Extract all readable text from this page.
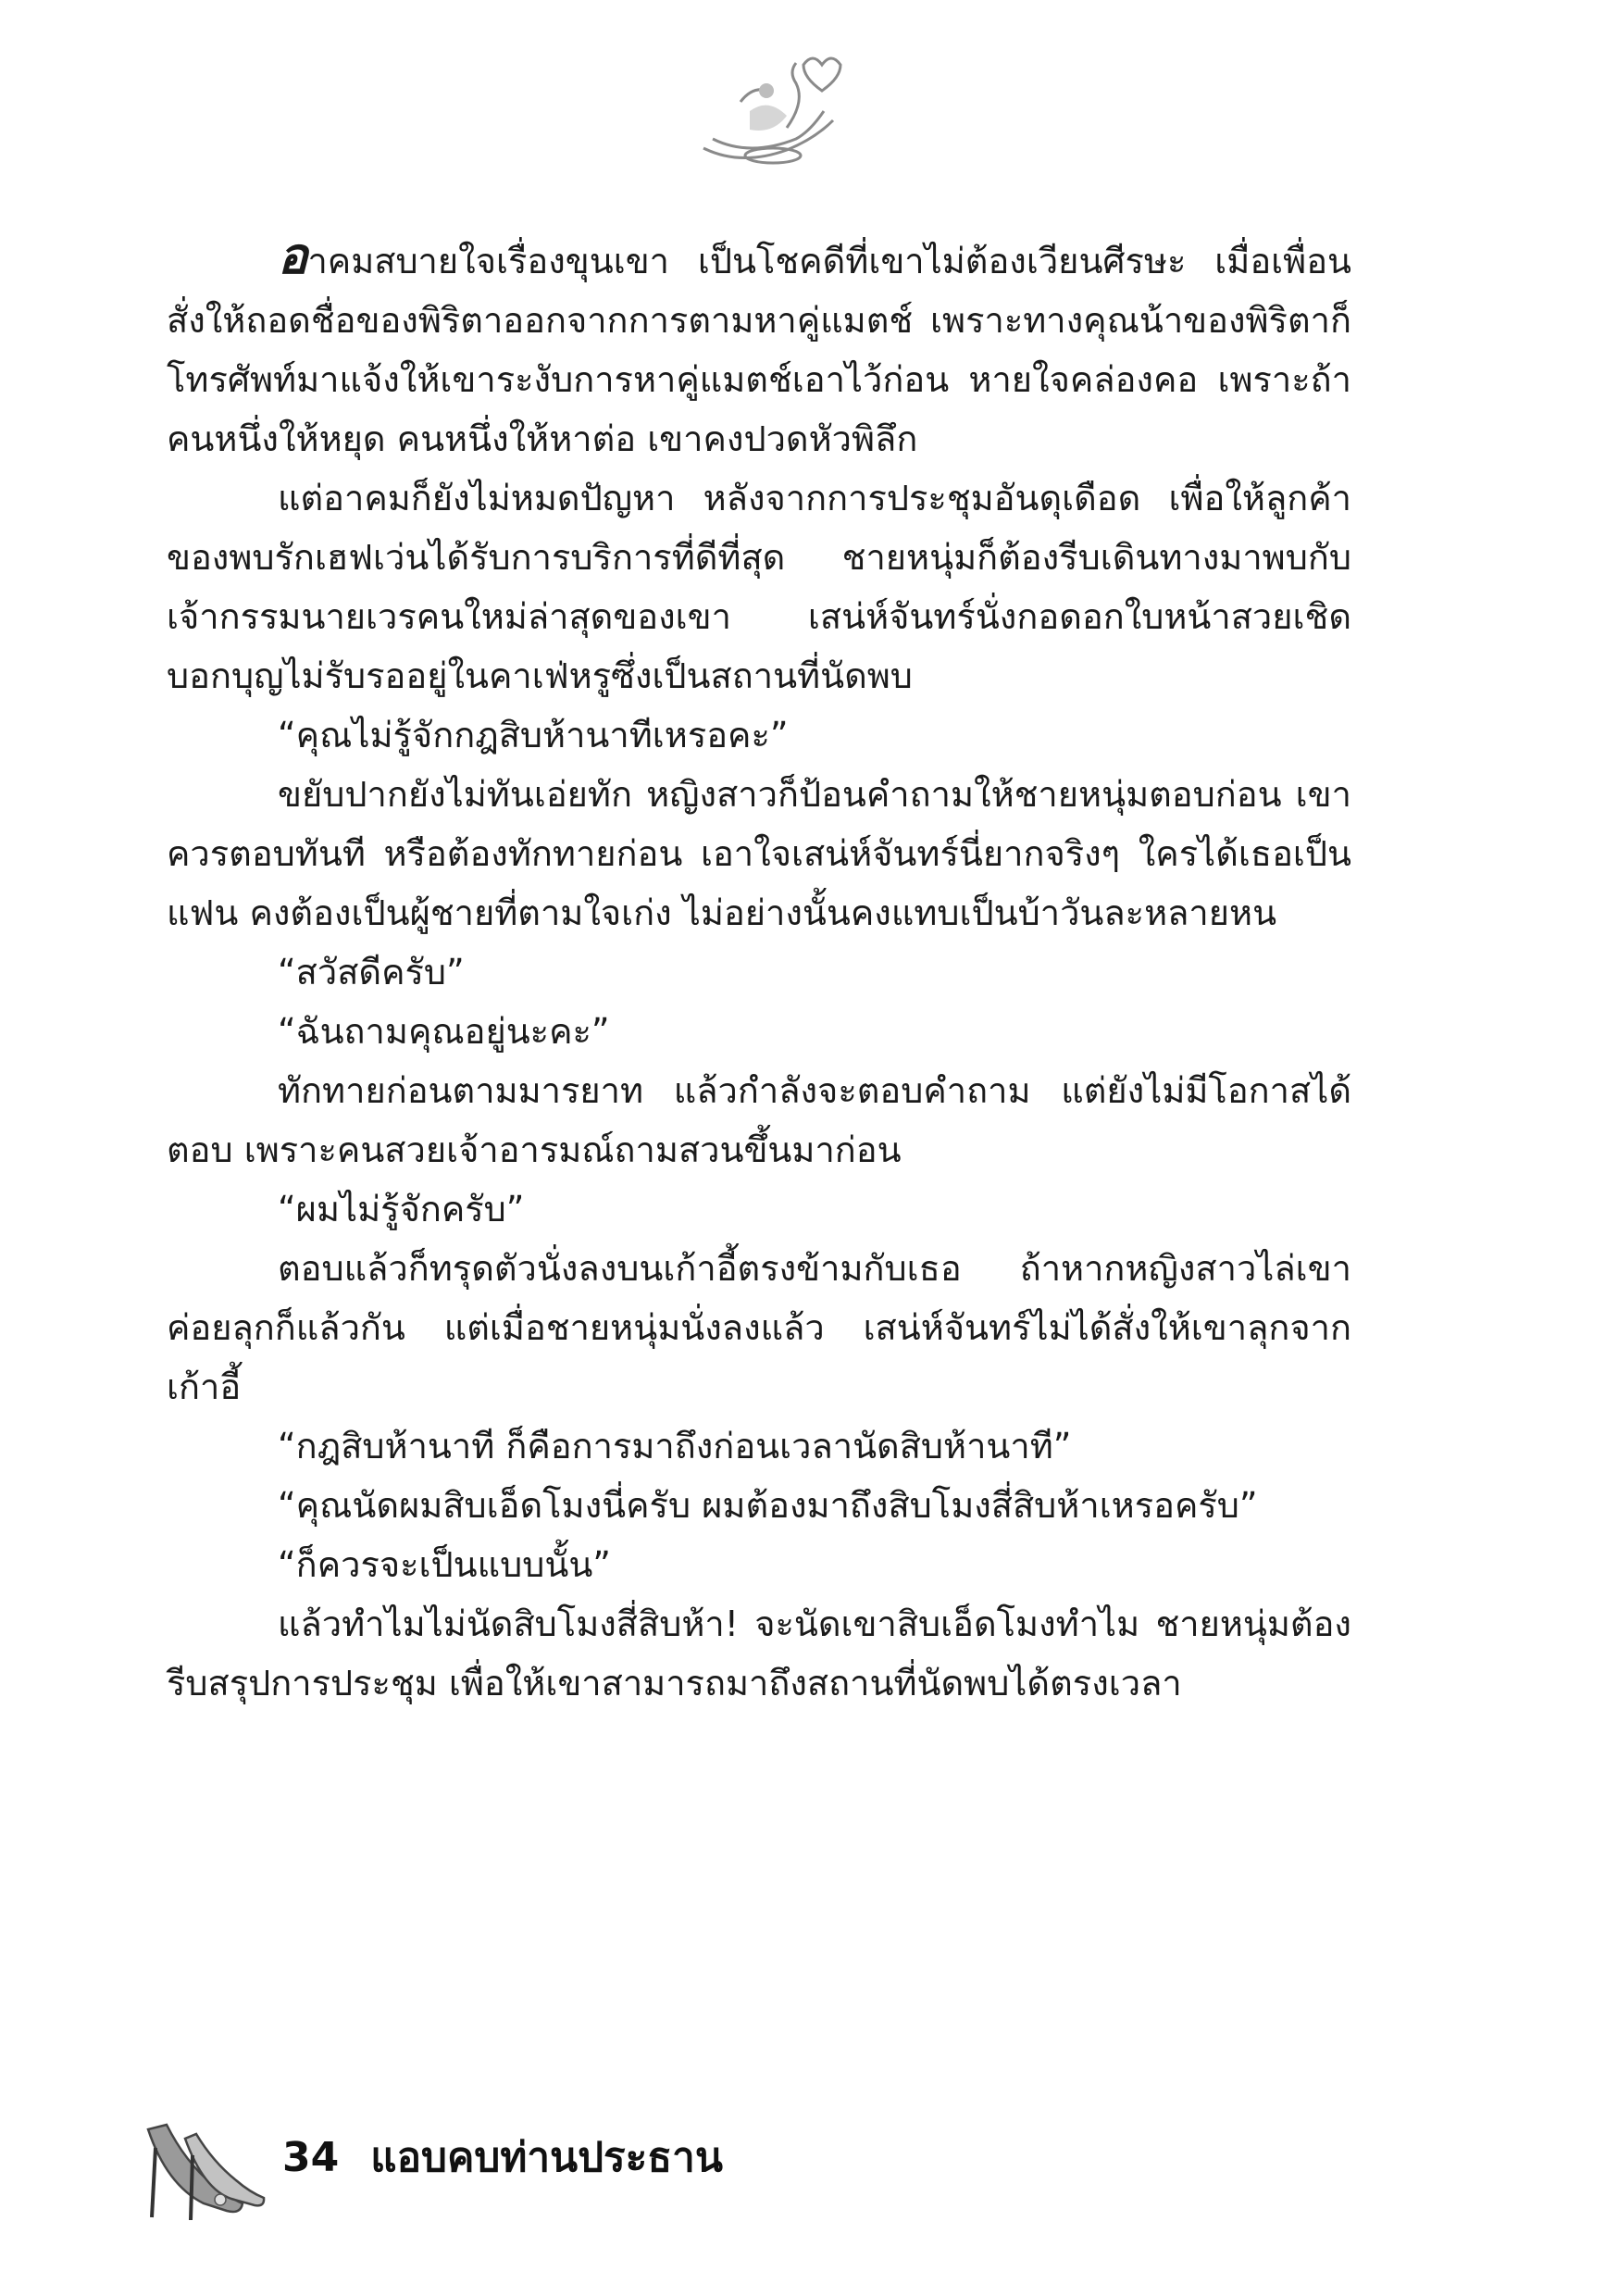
อาคมสบายใจเรื่องขุนเขา เป็นโชคดีที่เขาไม่ต้องเวียนศีรษะ เมื่อเพื่อนสั่งให้ถอดชื่อของพิริตาออกจากการตามหาคู่แมตช์ เพราะทางคุณน้าของพิริตาก็โทรศัพท์มาแจ้งให้เขาระงับการหาคู่แมตช์เอาไว้ก่อน หายใจคล่องคอ เพราะถ้าคนหนึ่งให้หยุด คนหนึ่งให้หาต่อ เขาคงปวดหัวพิลึก

แต่อาคมก็ยังไม่หมดปัญหา หลังจากการประชุมอันดุเดือด เพื่อให้ลูกค้าของพบรักเฮฟเว่นได้รับการบริการที่ดีที่สุด ชายหนุ่มก็ต้องรีบเดินทางมาพบกับเจ้ากรรมนายเวรคนใหม่ล่าสุดของเขา เสน่ห์จันทร์นั่งกอดอกใบหน้าสวยเชิด บอกบุญไม่รับรออยู่ในคาเฟ่หรูซึ่งเป็นสถานที่นัดพบ

“คุณไม่รู้จักกฎสิบห้านาทีเหรอคะ”

ขยับปากยังไม่ทันเอ่ยทัก หญิงสาวก็ป้อนคำถามให้ชายหนุ่มตอบก่อน เขาควรตอบทันที หรือต้องทักทายก่อน เอาใจเสน่ห์จันทร์นี่ยากจริงๆ ใครได้เธอเป็นแฟน คงต้องเป็นผู้ชายที่ตามใจเก่ง ไม่อย่างนั้นคงแทบเป็นบ้าวันละหลายหน

“สวัสดีครับ”

“ฉันถามคุณอยู่นะคะ”

ทักทายก่อนตามมารยาท แล้วกำลังจะตอบคำถาม แต่ยังไม่มีโอกาสได้ตอบ เพราะคนสวยเจ้าอารมณ์ถามสวนขึ้นมาก่อน

“ผมไม่รู้จักครับ”

ตอบแล้วก็ทรุดตัวนั่งลงบนเก้าอี้ตรงข้ามกับเธอ ถ้าหากหญิงสาวไล่เขาค่อยลุกก็แล้วกัน แต่เมื่อชายหนุ่มนั่งลงแล้ว เสน่ห์จันทร์ไม่ได้สั่งให้เขาลุกจากเก้าอี้

“กฎสิบห้านาที ก็คือการมาถึงก่อนเวลานัดสิบห้านาที”

“คุณนัดผมสิบเอ็ดโมงนี่ครับ ผมต้องมาถึงสิบโมงสี่สิบห้าเหรอครับ”

“ก็ควรจะเป็นแบบนั้น”

แล้วทำไมไม่นัดสิบโมงสี่สิบห้า! จะนัดเขาสิบเอ็ดโมงทำไม ชายหนุ่มต้องรีบสรุปการประชุม เพื่อให้เขาสามารถมาถึงสถานที่นัดพบได้ตรงเวลา

34 แอบคบท่านประธาน
